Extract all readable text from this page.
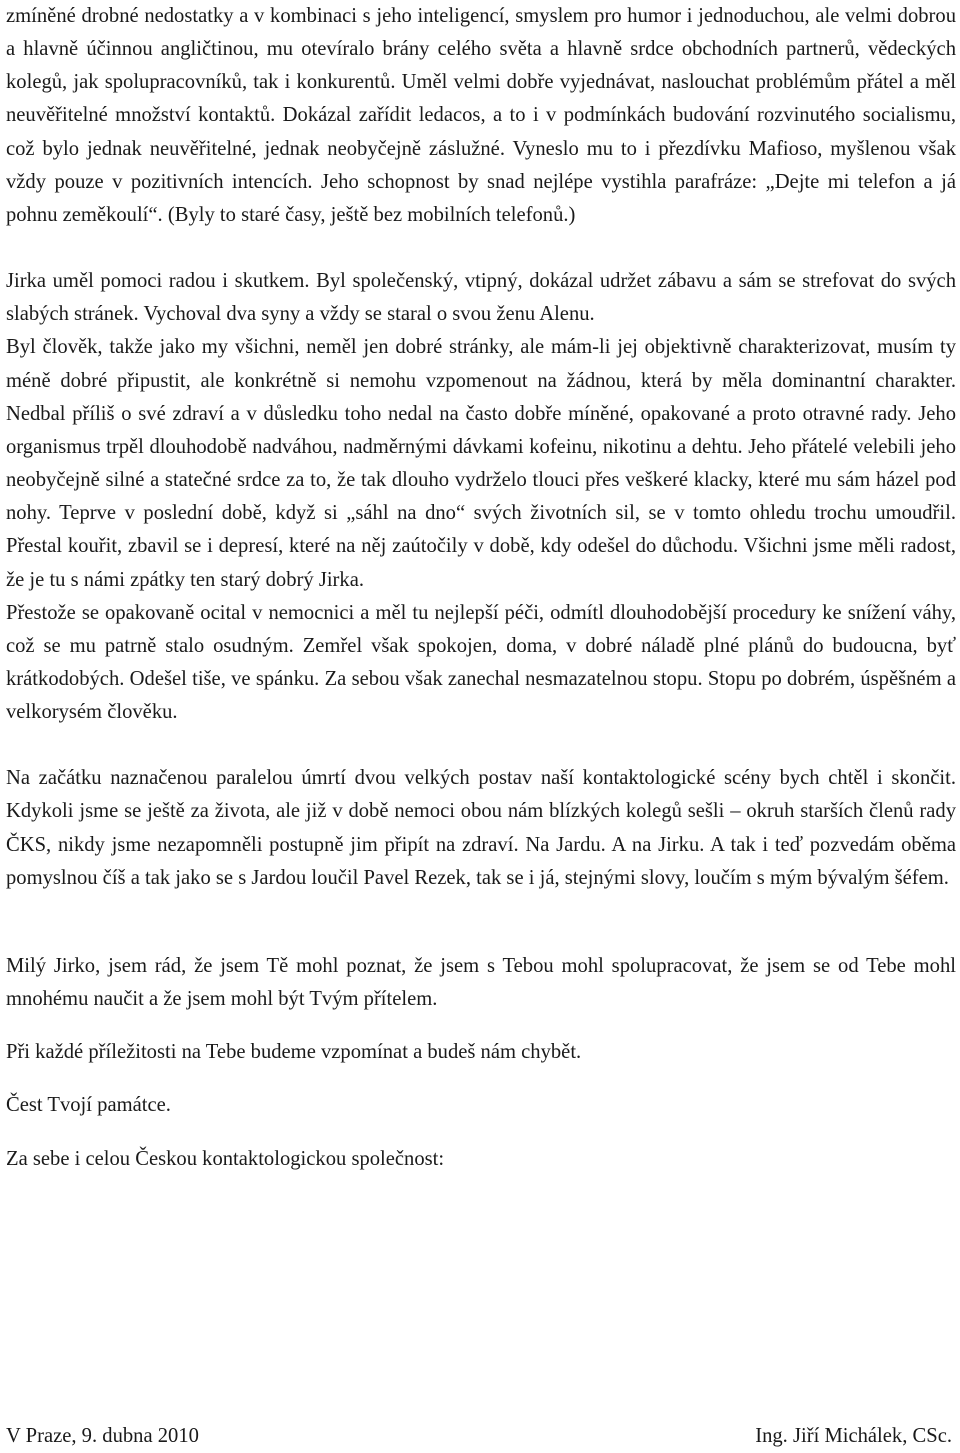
zmíněné drobné nedostatky a v kombinaci s jeho inteligencí, smyslem pro humor i jednoduchou, ale velmi dobrou a hlavně účinnou angličtinou, mu otevíralo brány celého světa a hlavně srdce obchodních partnerů, vědeckých kolegů, jak spolupracovníků, tak i konkurentů. Uměl velmi dobře vyjednávat, naslouchat problémům přátel a měl neuvěřitelné množství kontaktů. Dokázal zařídit ledacos, a to i v podmínkách budování rozvinutého socialismu, což bylo jednak neuvěřitelné, jednak neobyčejně záslužné. Vyneslo mu to i přezdívku Mafioso, myšlenou však vždy pouze v pozitivních intencích. Jeho schopnost by snad nejlépe vystihla parafráze: „Dejte mi telefon a já pohnu zeměkoulí“. (Byly to staré časy, ještě bez mobilních telefonů.)

Jirka uměl pomoci radou i skutkem. Byl společenský, vtipný, dokázal udržet zábavu a sám se strefovat do svých slabých stránek. Vychoval dva syny a vždy se staral o svou ženu Alenu.

Byl člověk, takže jako my všichni, neměl jen dobré stránky, ale mám-li jej objektivně charakterizovat, musím ty méně dobré připustit, ale konkrétně si nemohu vzpomenout na žádnou, která by měla dominantní charakter. Nedbal příliš o své zdraví a v důsledku toho nedal na často dobře míněné, opakované a proto otravné rady. Jeho organismus trpěl dlouhodobě nadváhou, nadměrnými dávkami kofeinu, nikotinu a dehtu. Jeho přátelé velebili jeho neobyčejně silné a statečné srdce za to, že tak dlouho vydrželo tlouci přes veškeré klacky, které mu sám házel pod nohy. Teprve v poslední době, když si „sáhl na dno“ svých životních sil, se v tomto ohledu trochu umoudřil. Přestal kouřit, zbavil se i depresí, které na něj zaútočily v době, kdy odešel do důchodu. Všichni jsme měli radost, že je tu s námi zpátky ten starý dobrý Jirka.

Přestože se opakovaně ocital v nemocnici a měl tu nejlepší péči, odmítl dlouhodobější procedury ke snížení váhy, což se mu patrně stalo osudným. Zemřel však spokojen, doma, v dobré náladě plné plánů do budoucna, byť krátkodobých. Odešel tiše, ve spánku. Za sebou však zanechal nesmazatelnou stopu. Stopu po dobrém, úspěšném a velkorysém člověku.

Na začátku naznačenou paralelou úmrtí dvou velkých postav naší kontaktologické scény bych chtěl i skončit. Kdykoli jsme se ještě za života, ale již v době nemoci obou nám blízkých kolegů sešli – okruh starších členů rady ČKS, nikdy jsme nezapomněli postupně jim připít na zdraví. Na Jardu. A na Jirku. A tak i teď pozvedám oběma pomyslnou číš a tak jako se s Jardou loučil Pavel Rezek, tak se i já, stejnými slovy, loučím s mým bývalým šéfem.

Milý Jirko, jsem rád, že jsem Tě mohl poznat, že jsem s Tebou mohl spolupracovat, že jsem se od Tebe mohl mnohému naučit a že jsem mohl být Tvým přítelem.

Při každé příležitosti na Tebe budeme vzpomínat a budeš nám chybět.

Čest Tvojí památce.

Za sebe i celou Českou kontaktologickou společnost:

V Praze, 9. dubna 2010	Ing. Jiří Michálek, CSc.
